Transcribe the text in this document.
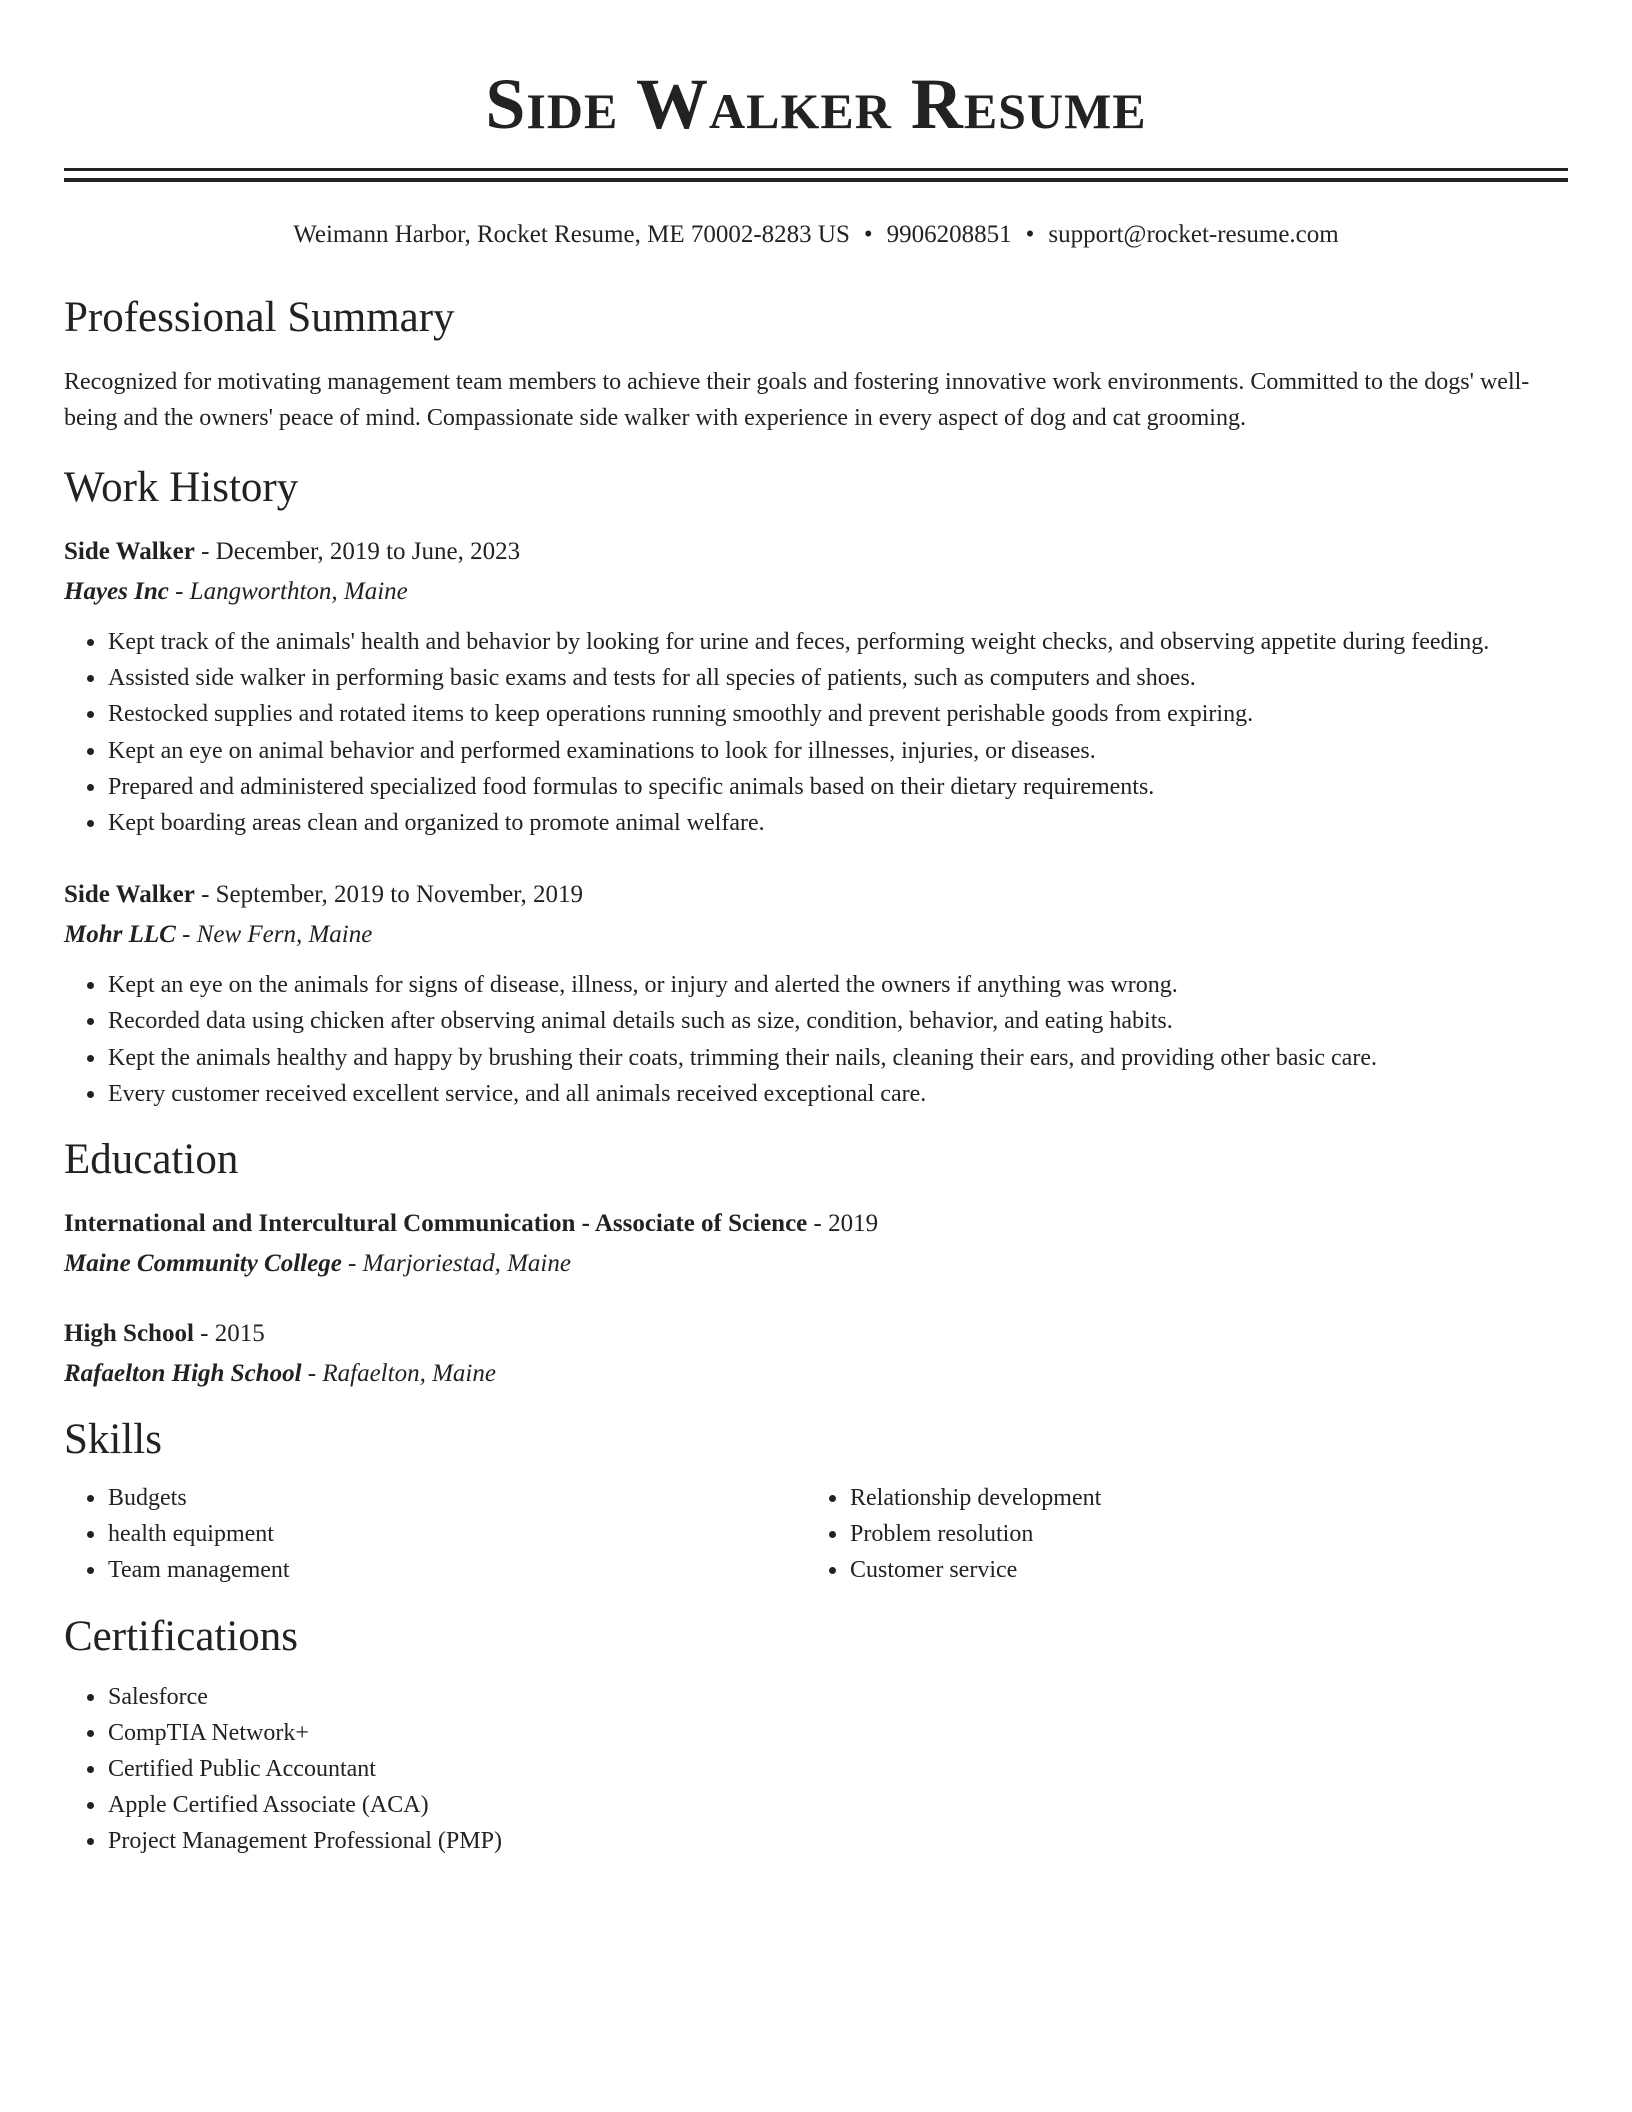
Side Walker Resume
Weimann Harbor, Rocket Resume, ME 70002-8283 US • 9906208851 • support@rocket-resume.com
Professional Summary

Recognized for motivating management team members to achieve their goals and fostering innovative work environments. Committed to the dogs' well-being and the owners' peace of mind. Compassionate side walker with experience in every aspect of dog and cat grooming.

Work History
Side Walker - December, 2019 to June, 2023
Hayes Inc - Langworthton, Maine
• Kept track of the animals' health and behavior by looking for urine and feces, performing weight checks, and observing appetite during feeding.
• Assisted side walker in performing basic exams and tests for all species of patients, such as computers and shoes.
• Restocked supplies and rotated items to keep operations running smoothly and prevent perishable goods from expiring.
• Kept an eye on animal behavior and performed examinations to look for illnesses, injuries, or diseases.
• Prepared and administered specialized food formulas to specific animals based on their dietary requirements.
• Kept boarding areas clean and organized to promote animal welfare.
Side Walker - September, 2019 to November, 2019
Mohr LLC - New Fern, Maine
• Kept an eye on the animals for signs of disease, illness, or injury and alerted the owners if anything was wrong.
• Recorded data using chicken after observing animal details such as size, condition, behavior, and eating habits.
• Kept the animals healthy and happy by brushing their coats, trimming their nails, cleaning their ears, and providing other basic care.
• Every customer received excellent service, and all animals received exceptional care.
Education
International and Intercultural Communication - Associate of Science - 2019
Maine Community College - Marjoriestad, Maine
High School - 2015
Rafaelton High School - Rafaelton, Maine
Skills
• Budgets
• health equipment
• Team management
• Relationship development
• Problem resolution
• Customer service
Certifications
• Salesforce
• CompTIA Network+
• Certified Public Accountant
• Apple Certified Associate (ACA)
• Project Management Professional (PMP)
